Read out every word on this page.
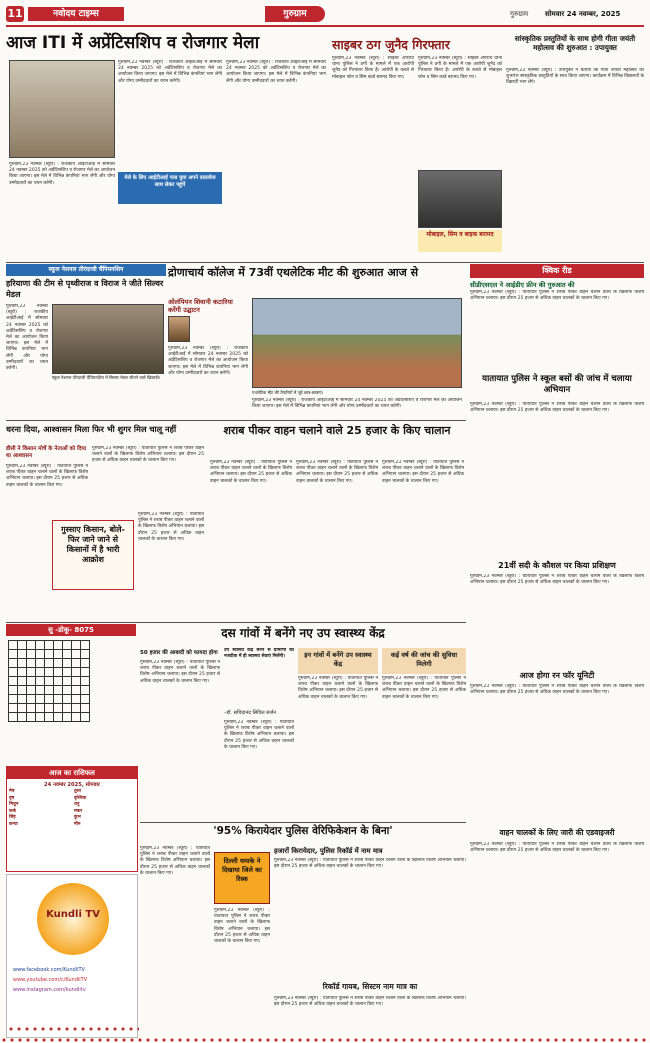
11	नवोदय टाइम्स	गुरुग्राम	गुरुग्राम सोमवार 24 नवम्बर, 2025
आज ITI में अप्रेंटिसशिप व रोजगार मेला
गुरुग्राम,23 नवम्बर (ब्यूरो) : राजकीय आईटीआई में सोमवार 24 नवम्बर 2025 को अप्रेंटिसशिप व रोजगार मेले का आयोजन किया जाएगा। इस मेले में विभिन्न कंपनियां भाग लेंगी और योग्य उम्मीदवारों का चयन करेंगी।
गुरुग्राम,23 नवम्बर (ब्यूरो) : राजकीय आईटीआई में सोमवार 24 नवम्बर 2025 को अप्रेंटिसशिप व रोजगार मेले का आयोजन किया जाएगा। इस मेले में विभिन्न कंपनियां भाग लेंगी और योग्य उम्मीदवारों का चयन करेंगी।
मेले के लिए आईटीआई पास युवा अपने दस्तावेज साथ लेकर पहुंचें
गुरुग्राम,23 नवम्बर (ब्यूरो) : राजकीय आईटीआई में सोमवार 24 नवम्बर 2025 को अप्रेंटिसशिप व रोजगार मेले का आयोजन किया जाएगा। इस मेले में विभिन्न कंपनियां भाग लेंगी और योग्य उम्मीदवारों का चयन करेंगी।
साइबर ठग जुनैद गिरफ्तार
गुरुग्राम,23 नवम्बर (ब्यूरो) : साइबर अपराध थाना पुलिस ने ठगी के मामले में एक आरोपी जुनैद को गिरफ्तार किया है। आरोपी के कब्जे से मोबाइल फोन व सिम कार्ड बरामद किए गए।
मोबाइल, सिम व बाइक बरामद
गुरुग्राम,23 नवम्बर (ब्यूरो) : साइबर अपराध थाना पुलिस ने ठगी के मामले में एक आरोपी जुनैद को गिरफ्तार किया है। आरोपी के कब्जे से मोबाइल फोन व सिम कार्ड बरामद किए गए।
सांस्कृतिक प्रस्तुतियों के साथ होगी गीता जयंती महोत्सव की शुरुआत : उपायुक्त
गुरुग्राम,23 नवम्बर (ब्यूरो) : उपायुक्त ने बताया कि गीता जयंती महोत्सव का शुभारंभ सांस्कृतिक प्रस्तुतियों के साथ किया जाएगा। कार्यक्रम में विभिन्न विद्यालयों के विद्यार्थी भाग लेंगे।
स्कूल नेशनल तीरंदाजी चैंपियनशिप
हरियाणा की टीम से पृथ्वीराज व विराज ने जीते सिल्वर मेडल
गुरुग्राम,23 नवम्बर (ब्यूरो) : राजकीय आईटीआई में सोमवार 24 नवम्बर 2025 को अप्रेंटिसशिप व रोजगार मेले का आयोजन किया जाएगा। इस मेले में विभिन्न कंपनियां भाग लेंगी और योग्य उम्मीदवारों का चयन करेंगी।
स्कूल नेशनल तीरंदाजी चैंपियनशिप में सिल्वर मेडल जीतने वाले खिलाड़ी।
द्रोणाचार्य कॉलेज में 73वीं एथलेटिक मीट की शुरुआत आज से
ओलंपियन शिवानी कटारिया करेंगी उद्घाटन
गुरुग्राम,23 नवम्बर (ब्यूरो) : राजकीय आईटीआई में सोमवार 24 नवम्बर 2025 को अप्रेंटिसशिप व रोजगार मेले का आयोजन किया जाएगा। इस मेले में विभिन्न कंपनियां भाग लेंगी और योग्य उम्मीदवारों का चयन करेंगी।
एथलेटिक मीट की तैयारियों में जुटे छात्र-छात्राएं।
गुरुग्राम,23 नवम्बर (ब्यूरो) : राजकीय आईटीआई में सोमवार 24 नवम्बर 2025 को अप्रेंटिसशिप व रोजगार मेले का आयोजन किया जाएगा। इस मेले में विभिन्न कंपनियां भाग लेंगी और योग्य उम्मीदवारों का चयन करेंगी।
क्विक रीड
सीडीएसएल ने आईडीए फ्रीन की गुरुआत की
गुरुग्राम,23 नवम्बर (ब्यूरो) : यातायात पुलिस ने शराब पीकर वाहन चलाने वालों के खिलाफ विशेष अभियान चलाया। इस दौरान 25 हजार से अधिक वाहन चालकों के चालान किए गए।
यातायात पुलिस ने स्कूल बसों की जांच में चलाया अभियान
गुरुग्राम,23 नवम्बर (ब्यूरो) : यातायात पुलिस ने शराब पीकर वाहन चलाने वालों के खिलाफ विशेष अभियान चलाया। इस दौरान 25 हजार से अधिक वाहन चालकों के चालान किए गए।
21वीं सदी के कौशल पर किया प्रशिक्षण
गुरुग्राम,23 नवम्बर (ब्यूरो) : यातायात पुलिस ने शराब पीकर वाहन चलाने वालों के खिलाफ विशेष अभियान चलाया। इस दौरान 25 हजार से अधिक वाहन चालकों के चालान किए गए।
आज होगा रन फॉर यूनिटी
गुरुग्राम,23 नवम्बर (ब्यूरो) : यातायात पुलिस ने शराब पीकर वाहन चलाने वालों के खिलाफ विशेष अभियान चलाया। इस दौरान 25 हजार से अधिक वाहन चालकों के चालान किए गए।
वाहन चालकों के लिए जारी की एडवाइजरी
गुरुग्राम,23 नवम्बर (ब्यूरो) : यातायात पुलिस ने शराब पीकर वाहन चलाने वालों के खिलाफ विशेष अभियान चलाया। इस दौरान 25 हजार से अधिक वाहन चालकों के चालान किए गए।
धरना दिया, आश्वासन मिला फिर भी शुगर मिल चालू नहीं
डीसी ने किसान मोर्चे के नेताओं को दिया था आश्वासन
गुरुग्राम,23 नवम्बर (ब्यूरो) : यातायात पुलिस ने शराब पीकर वाहन चलाने वालों के खिलाफ विशेष अभियान चलाया। इस दौरान 25 हजार से अधिक वाहन चालकों के चालान किए गए।
गुरुग्राम,23 नवम्बर (ब्यूरो) : यातायात पुलिस ने शराब पीकर वाहन चलाने वालों के खिलाफ विशेष अभियान चलाया। इस दौरान 25 हजार से अधिक वाहन चालकों के चालान किए गए।
गुस्साए किसान, बोले- फिर जाने जाने से किसानों में है भारी आक्रोश
गुरुग्राम,23 नवम्बर (ब्यूरो) : यातायात पुलिस ने शराब पीकर वाहन चलाने वालों के खिलाफ विशेष अभियान चलाया। इस दौरान 25 हजार से अधिक वाहन चालकों के चालान किए गए।
शराब पीकर वाहन चलाने वाले 25 हजार के किए चालान
गुरुग्राम,23 नवम्बर (ब्यूरो) : यातायात पुलिस ने शराब पीकर वाहन चलाने वालों के खिलाफ विशेष अभियान चलाया। इस दौरान 25 हजार से अधिक वाहन चालकों के चालान किए गए।
गुरुग्राम,23 नवम्बर (ब्यूरो) : यातायात पुलिस ने शराब पीकर वाहन चलाने वालों के खिलाफ विशेष अभियान चलाया। इस दौरान 25 हजार से अधिक वाहन चालकों के चालान किए गए।
गुरुग्राम,23 नवम्बर (ब्यूरो) : यातायात पुलिस ने शराब पीकर वाहन चलाने वालों के खिलाफ विशेष अभियान चलाया। इस दौरान 25 हजार से अधिक वाहन चालकों के चालान किए गए।
सु -डोकू- 8075

									दस गांवों में बनेंगे नए उप स्वास्थ्य केंद्र
50 हजार की आबादी को फायदा होगा
गुरुग्राम,23 नवम्बर (ब्यूरो) : यातायात पुलिस ने शराब पीकर वाहन चलाने वालों के खिलाफ विशेष अभियान चलाया। इस दौरान 25 हजार से अधिक वाहन चालकों के चालान किए गए।
उप स्वास्थ्य केंद्र बनने से ग्रामीणों को नजदीक में ही स्वास्थ्य सेवाएं मिलेंगी।
–डॉ. सचिदानंद सिविल सर्जन
गुरुग्राम,23 नवम्बर (ब्यूरो) : यातायात पुलिस ने शराब पीकर वाहन चलाने वालों के खिलाफ विशेष अभियान चलाया। इस दौरान 25 हजार से अधिक वाहन चालकों के चालान किए गए।
इन गांवों में बनेंगे उप स्वास्थ्य केंद्र
गुरुग्राम,23 नवम्बर (ब्यूरो) : यातायात पुलिस ने शराब पीकर वाहन चलाने वालों के खिलाफ विशेष अभियान चलाया। इस दौरान 25 हजार से अधिक वाहन चालकों के चालान किए गए।
कई वर्ष की जांच की सुविधा मिलेगी
गुरुग्राम,23 नवम्बर (ब्यूरो) : यातायात पुलिस ने शराब पीकर वाहन चलाने वालों के खिलाफ विशेष अभियान चलाया। इस दौरान 25 हजार से अधिक वाहन चालकों के चालान किए गए।
आज का राशिफल
24 नवम्बर 2025, सोमवार
मेष
वृष
मिथुन
कर्क
सिंह
कन्या
तुला
वृश्चिक
धनु
मकर
कुंभ
मीन
Kundli TV
www.facebook.com/KundliTV
www.youtube.com/c/KundliTV
www.instagram.com/kundlitv
'95% किरायेदार पुलिस वेरिफिकेशन के बिना'
गुरुग्राम,23 नवम्बर (ब्यूरो) : यातायात पुलिस ने शराब पीकर वाहन चलाने वालों के खिलाफ विशेष अभियान चलाया। इस दौरान 25 हजार से अधिक वाहन चालकों के चालान किए गए।
दिल्ली धमाके ने दिखाया जिले का रिस्क
गुरुग्राम,23 नवम्बर (ब्यूरो) : यातायात पुलिस ने शराब पीकर वाहन चलाने वालों के खिलाफ विशेष अभियान चलाया। इस दौरान 25 हजार से अधिक वाहन चालकों के चालान किए गए।
हजारों किरायेदार, पुलिस रिकॉर्ड में नाम मात्र
गुरुग्राम,23 नवम्बर (ब्यूरो) : यातायात पुलिस ने शराब पीकर वाहन चलाने वालों के खिलाफ विशेष अभियान चलाया। इस दौरान 25 हजार से अधिक वाहन चालकों के चालान किए गए।
रिकॉर्ड गायब, सिस्टम नाम मात्र का
गुरुग्राम,23 नवम्बर (ब्यूरो) : यातायात पुलिस ने शराब पीकर वाहन चलाने वालों के खिलाफ विशेष अभियान चलाया। इस दौरान 25 हजार से अधिक वाहन चालकों के चालान किए गए।
